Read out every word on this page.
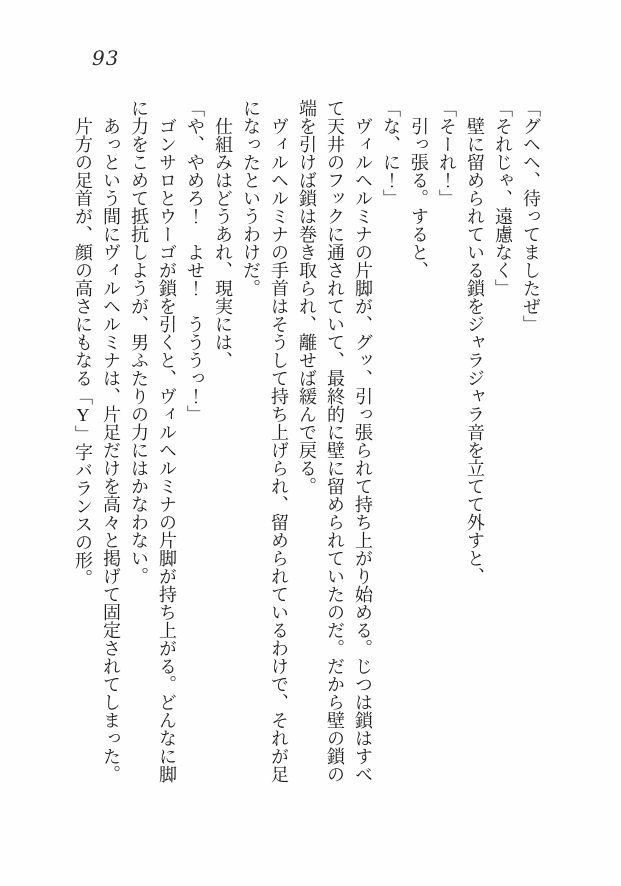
93

「グヘヘ、待ってましたぜ」

「それじゃ、遠慮なく」

壁に留められている鎖をジャラジャラ音を立てて外すと、

「そーれ！」

引っ張る。すると、

「な、に！」

ヴィルヘルミナの片脚が、グッ、引っ張られて持ち上がり始める。じつは鎖はすべて天井のフックに通されていて、最終的に壁に留められていたのだ。だから壁の鎖の端を引けば鎖は巻き取られ、離せば緩んで戻る。

ヴィルヘルミナの手首はそうして持ち上げられ、留められているわけで、それが足になったというわけだ。

仕組みはどうあれ、現実には、

「や、やめろ！　よせ！　うううっ！」

ゴンサロとウーゴが鎖を引くと、ヴィルヘルミナの片脚が持ち上がる。どんなに脚に力をこめて抵抗しようが、男ふたりの力にはかなわない。

あっという間にヴィルヘルミナは、片足だけを高々と掲げて固定されてしまった。

片方の足首が、顔の高さにもなる「Y」字バランスの形。
